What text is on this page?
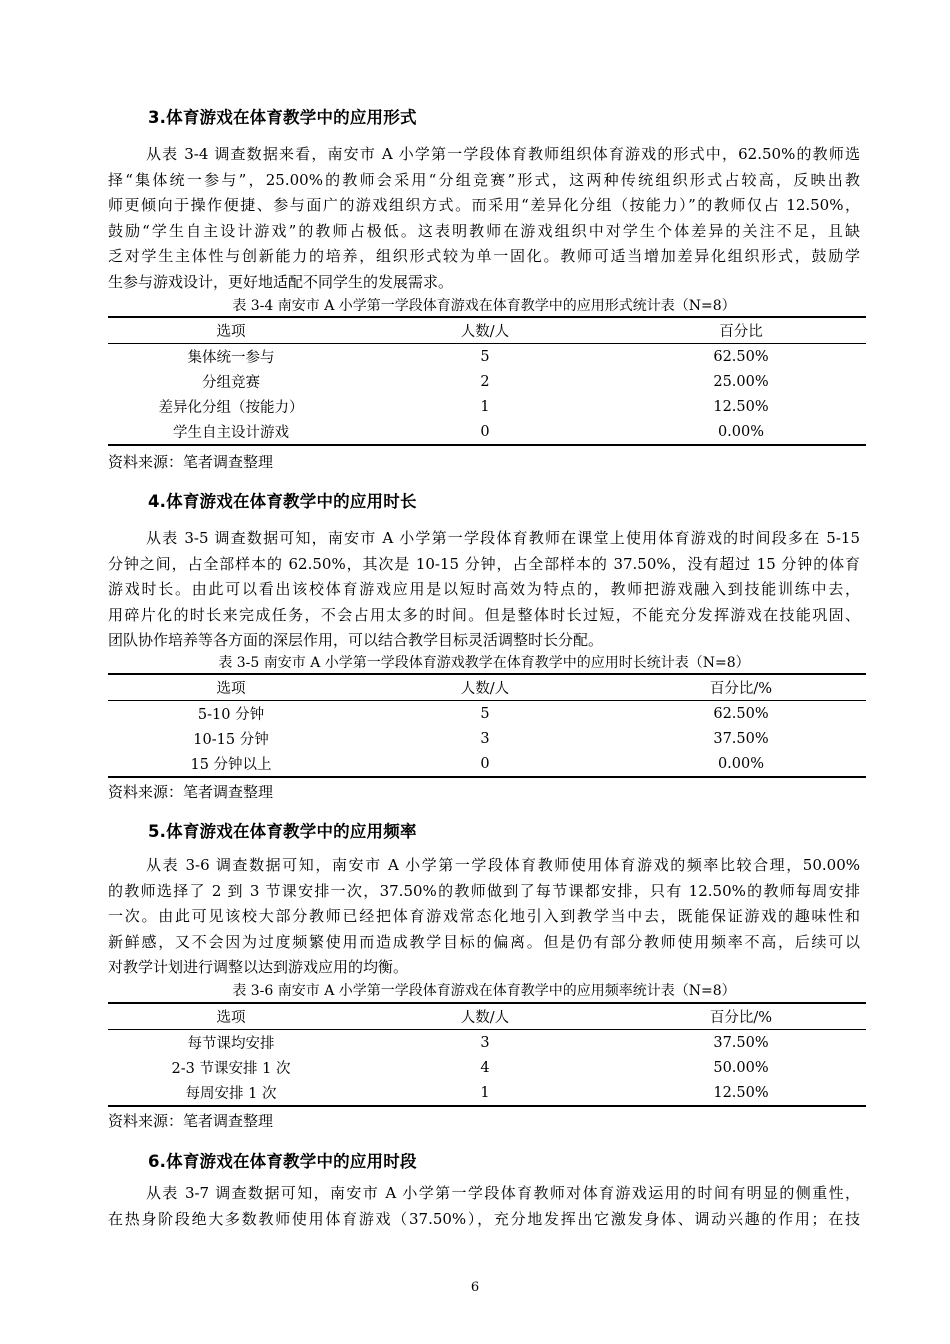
3.体育游戏在体育教学中的应用形式
从表 3-4 调查数据来看，南安市 A 小学第一学段体育教师组织体育游戏的形式中，62.50%的教师选
择“集体统一参与”，25.00%的教师会采用“分组竞赛”形式，这两种传统组织形式占较高，反映出教
师更倾向于操作便捷、参与面广的游戏组织方式。而采用“差异化分组（按能力）”的教师仅占 12.50%，
鼓励“学生自主设计游戏”的教师占极低。这表明教师在游戏组织中对学生个体差异的关注不足，且缺
乏对学生主体性与创新能力的培养，组织形式较为单一固化。教师可适当增加差异化组织形式，鼓励学
生参与游戏设计，更好地适配不同学生的发展需求。
表 3-4 南安市 A 小学第一学段体育游戏在体育教学中的应用形式统计表（N=8）
选项	人数/人	百分比
集体统一参与	5	62.50%
分组竞赛	2	25.00%
差异化分组（按能力）	1	12.50%
学生自主设计游戏	0	0.00%
资料来源：笔者调查整理
4.体育游戏在体育教学中的应用时长
从表 3-5 调查数据可知，南安市 A 小学第一学段体育教师在课堂上使用体育游戏的时间段多在 5-15
分钟之间，占全部样本的 62.50%，其次是 10-15 分钟，占全部样本的 37.50%，没有超过 15 分钟的体育
游戏时长。由此可以看出该校体育游戏应用是以短时高效为特点的，教师把游戏融入到技能训练中去，
用碎片化的时长来完成任务，不会占用太多的时间。但是整体时长过短，不能充分发挥游戏在技能巩固、
团队协作培养等各方面的深层作用，可以结合教学目标灵活调整时长分配。
表 3-5 南安市 A 小学第一学段体育游戏教学在体育教学中的应用时长统计表（N=8）
选项	人数/人	百分比/%
5-10 分钟	5	62.50%
10-15 分钟	3	37.50%
15 分钟以上	0	0.00%
资料来源：笔者调查整理
5.体育游戏在体育教学中的应用频率
从表 3-6 调查数据可知，南安市 A 小学第一学段体育教师使用体育游戏的频率比较合理，50.00%
的教师选择了 2 到 3 节课安排一次，37.50%的教师做到了每节课都安排，只有 12.50%的教师每周安排
一次。由此可见该校大部分教师已经把体育游戏常态化地引入到教学当中去，既能保证游戏的趣味性和
新鲜感，又不会因为过度频繁使用而造成教学目标的偏离。但是仍有部分教师使用频率不高，后续可以
对教学计划进行调整以达到游戏应用的均衡。
表 3-6 南安市 A 小学第一学段体育游戏在体育教学中的应用频率统计表（N=8）
选项	人数/人	百分比/%
每节课均安排	3	37.50%
2-3 节课安排 1 次	4	50.00%
每周安排 1 次	1	12.50%
资料来源：笔者调查整理
6.体育游戏在体育教学中的应用时段
从表 3-7 调查数据可知，南安市 A 小学第一学段体育教师对体育游戏运用的时间有明显的侧重性，
在热身阶段绝大多数教师使用体育游戏（37.50%），充分地发挥出它激发身体、调动兴趣的作用；在技
6
